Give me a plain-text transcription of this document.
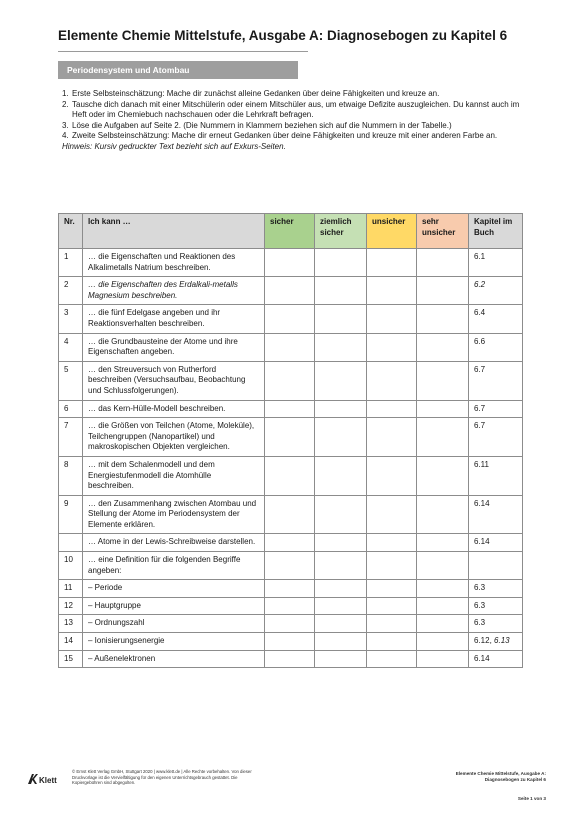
Elemente Chemie Mittelstufe, Ausgabe A: Diagnosebogen zu Kapitel 6
Periodensystem und Atombau
1. Erste Selbsteinschätzung: Mache dir zunächst alleine Gedanken über deine Fähigkeiten und kreuze an.
2. Tausche dich danach mit einer Mitschülerin oder einem Mitschüler aus, um etwaige Defizite auszugleichen. Du kannst auch im Heft oder im Chemiebuch nachschauen oder die Lehrkraft befragen.
3. Löse die Aufgaben auf Seite 2. (Die Nummern in Klammern beziehen sich auf die Nummern in der Tabelle.)
4. Zweite Selbsteinschätzung: Mache dir erneut Gedanken über deine Fähigkeiten und kreuze mit einer anderen Farbe an.
Hinweis: Kursiv gedruckter Text bezieht sich auf Exkurs-Seiten.
Nr.	Ich kann …	sicher	ziemlich sicher	unsicher	sehr unsicher	Kapitel im Buch
1	… die Eigenschaften und Reaktionen des Alkalimetalls Natrium beschreiben.					6.1
2	… die Eigenschaften des Erdalkali-metalls Magnesium beschreiben.					6.2
3	… die fünf Edelgase angeben und ihr Reaktionsverhalten beschreiben.					6.4
4	… die Grundbausteine der Atome und ihre Eigenschaften angeben.					6.6
5	… den Streuversuch von Rutherford beschreiben (Versuchsaufbau, Beobachtung und Schlussfolgerungen).					6.7
6	… das Kern-Hülle-Modell beschreiben.					6.7
7	… die Größen von Teilchen (Atome, Moleküle), Teilchengruppen (Nanopartikel) und makroskopischen Objekten vergleichen.					6.7
8	… mit dem Schalenmodell und dem Energiestufenmodell die Atomhülle beschreiben.					6.11
9	… den Zusammenhang zwischen Atombau und Stellung der Atome im Periodensystem der Elemente erklären.					6.14
	… Atome in der Lewis-Schreibweise darstellen.					6.14
10	… eine Definition für die folgenden Begriffe angeben:					
11	– Periode					6.3
12	– Hauptgruppe					6.3
13	– Ordnungszahl					6.3
14	– Ionisierungsenergie					6.12, 6.13
15	– Außenelektronen					6.14
Klett
© Ernst Klett Verlag GmbH, Stuttgart 2020 | www.klett.de | Alle Rechte vorbehalten. Von dieser Druckvorlage ist die Vervielfältigung für den eigenen Unterrichtsgebrauch gestattet. Die Kopiergebühren sind abgegolten.
Elemente Chemie Mittelstufe, Ausgabe A:
Diagnosebogen zu Kapitel 6
Seite 1 von 3
